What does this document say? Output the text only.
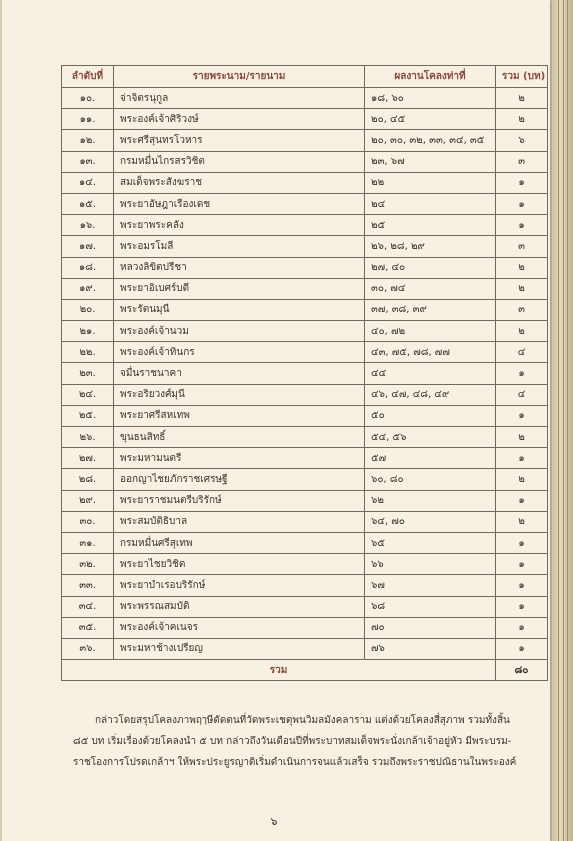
ลำดับที่	รายพระนาม/รายนาม	ผลงานโคลงท่าที่	รวม (บท)
๑๐.	จ่าจิตรนุกูล	๑๘, ๖๐	๒
๑๑.	พระองค์เจ้าศิริวงษ์	๒๐, ๔๕	๒
๑๒.	พระศรีสุนทรโวหาร	๒๐, ๓๐, ๓๒, ๓๓, ๓๔, ๓๕	๖
๑๓.	กรมหมื่นไกรสรวิชิต	๒๓, ๖๗	๓
๑๔.	สมเด็จพระสังฆราช	๒๒	๑
๑๕.	พระยาอัษฎาเรืองเดช	๒๔	๑
๑๖.	พระยาพระคลัง	๒๕	๑
๑๗.	พระอมรโมลี	๒๖, ๒๘, ๒๙	๓
๑๘.	หลวงลิขิตปรีชา	๒๗, ๔๐	๒
๑๙.	พระยาอิเบศร์บดี	๓๐, ๗๔	๒
๒๐.	พระรัตนมุนี	๓๗, ๓๘, ๓๙	๓
๒๑.	พระองค์เจ้านวม	๔๐, ๗๒	๒
๒๒.	พระองค์เจ้าทินกร	๔๓, ๗๕, ๗๘, ๗๗	๔
๒๓.	จมื่นราชนาคา	๔๔	๑
๒๔.	พระอริยวงศ์มุนี	๔๖, ๔๗, ๔๘, ๔๙	๔
๒๕.	พระยาศรีสหเทพ	๕๐	๑
๒๖.	ขุนธนสิทธิ์	๕๔, ๕๖	๒
๒๗.	พระมหามนตรี	๕๗	๑
๒๘.	ออกญาไชยภักราชเศรษฐี	๖๐, ๘๐	๒
๒๙.	พระยาราชมนตรีบริรักษ์	๖๒	๑
๓๐.	พระสมบัติธิบาล	๖๔, ๗๐	๒
๓๑.	กรมหมื่นศรีสุเทพ	๖๕	๑
๓๒.	พระยาไชยวิชิต	๖๖	๑
๓๓.	พระยาบำเรอบริรักษ์	๖๗	๑
๓๔.	พระพรรณสมบัติ	๖๘	๑
๓๕.	พระองค์เจ้าคเนจร	๗๐	๑
๓๖.	พระมหาช้างเปรียญ	๗๖	๑
รวม			๘๐
กล่าวโดยสรุปโคลงภาพฤๅษีดัดตนที่วัดพระเชตุพนวิมลมังคลาราม แต่งด้วยโคลงสี่สุภาพ รวมทั้งสิ้น
๘๕ บท เริ่มเรื่องด้วยโคลงนำ ๕ บท กล่าวถึงวันเดือนปีที่พระบาทสมเด็จพระนั่งเกล้าเจ้าอยู่หัว มีพระบรม-
ราชโองการโปรดเกล้าฯ ให้พระประยูรญาติเริ่มดำเนินการจนแล้วเสร็จ รวมถึงพระราชปณิธานในพระองค์
๖
